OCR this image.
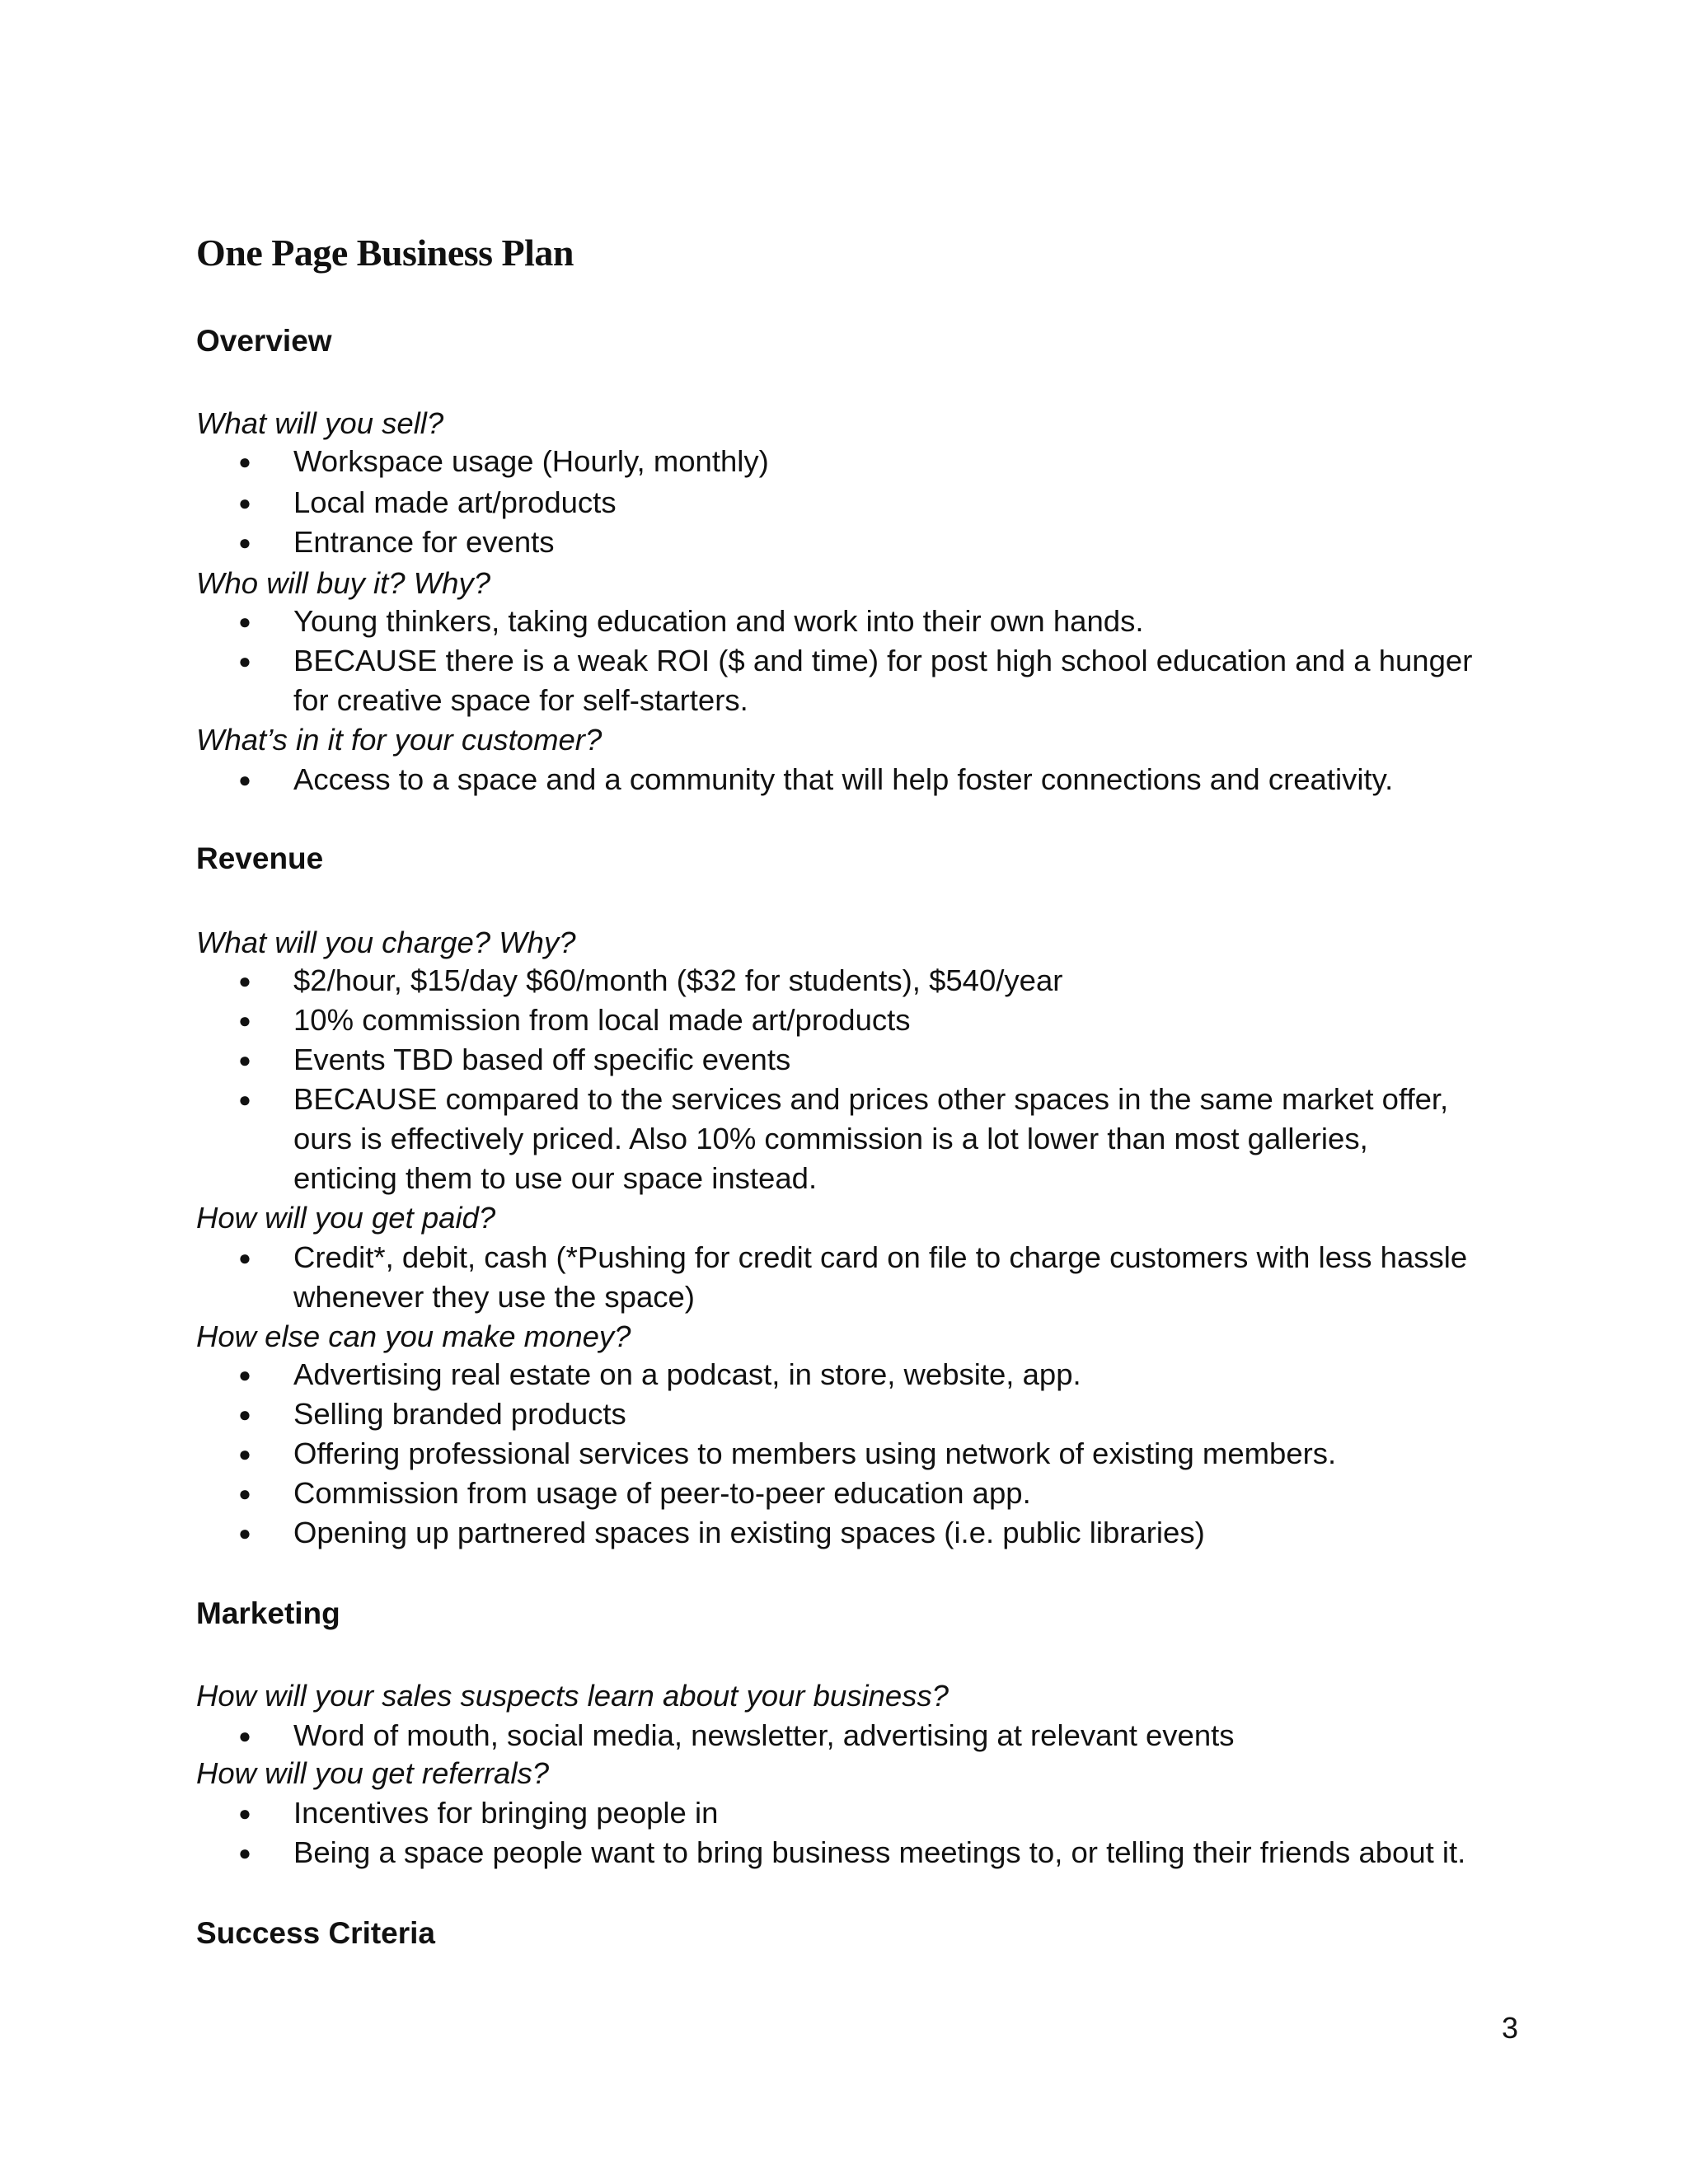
One Page Business Plan
Overview
What will you sell?
● Workspace usage (Hourly, monthly)
● Local made art/products
● Entrance for events
Who will buy it? Why?
● Young thinkers, taking education and work into their own hands.
● BECAUSE there is a weak ROI ($ and time) for post high school education and a hunger
for creative space for self-starters.
What’s in it for your customer?
● Access to a space and a community that will help foster connections and creativity.
Revenue
What will you charge? Why?
● $2/hour, $15/day $60/month ($32 for students), $540/year
● 10% commission from local made art/products
● Events TBD based off specific events
● BECAUSE compared to the services and prices other spaces in the same market offer,
ours is effectively priced. Also 10% commission is a lot lower than most galleries,
enticing them to use our space instead.
How will you get paid?
● Credit*, debit, cash (*Pushing for credit card on file to charge customers with less hassle
whenever they use the space)
How else can you make money?
● Advertising real estate on a podcast, in store, website, app.
● Selling branded products
● Offering professional services to members using network of existing members.
● Commission from usage of peer-to-peer education app.
● Opening up partnered spaces in existing spaces (i.e. public libraries)
Marketing
How will your sales suspects learn about your business?
● Word of mouth, social media, newsletter, advertising at relevant events
How will you get referrals?
● Incentives for bringing people in
● Being a space people want to bring business meetings to, or telling their friends about it.
Success Criteria
3
